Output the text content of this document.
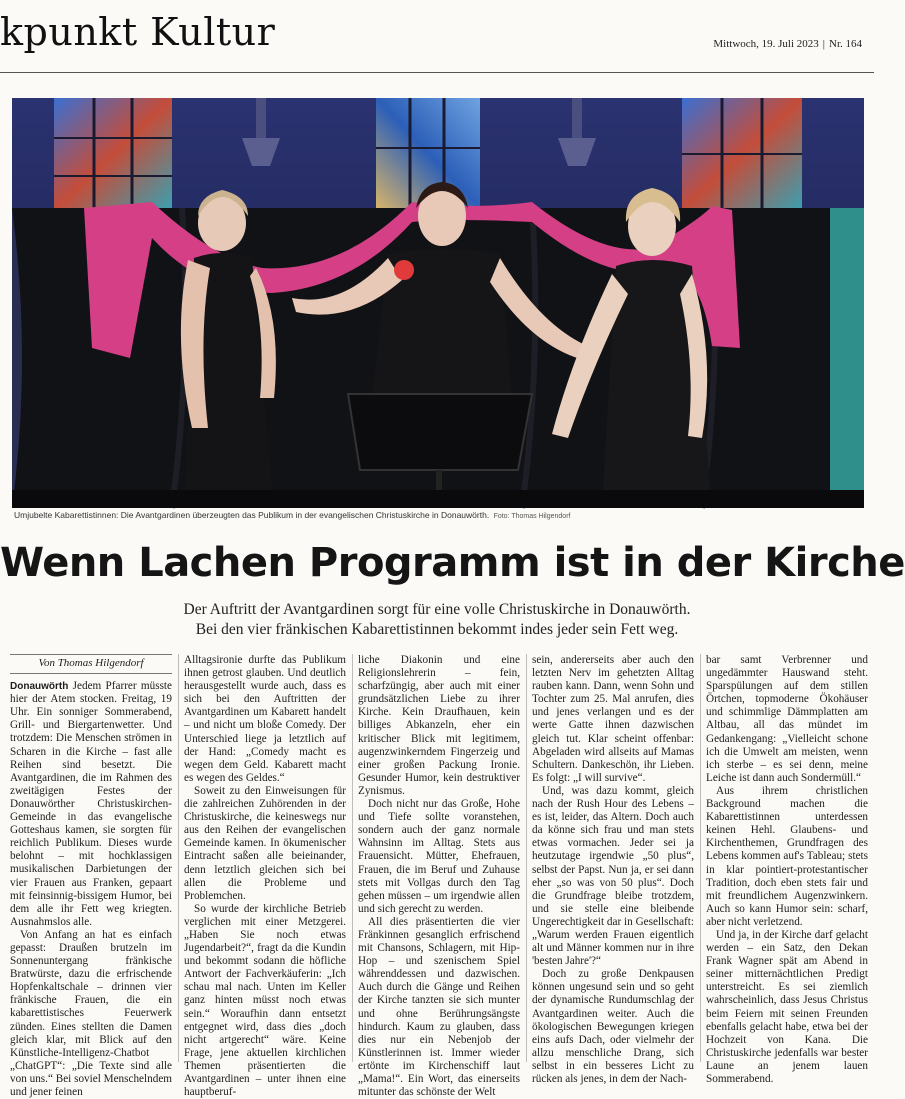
kpunkt Kultur	Mittwoch, 19. Juli 2023 | Nr. 164
Umjubelte Kabarettistinnen: Die Avantgardinen überzeugten das Publikum in der evangelischen Christuskirche in Donauwörth. Foto: Thomas Hilgendorf
Wenn Lachen Programm ist in der Kirche
Der Auftritt der Avantgardinen sorgt für eine volle Christuskirche in Donauwörth.
Bei den vier fränkischen Kabarettistinnen bekommt indes jeder sein Fett weg.
Von Thomas Hilgendorf

Donauwörth Jedem Pfarrer müsste hier der Atem stocken. Freitag, 19 Uhr. Ein sonniger Sommerabend, Grill- und Biergartenwetter. Und trotzdem: Die Menschen strömen in Scharen in die Kirche – fast alle Reihen sind besetzt. Die Avantgardinen, die im Rahmen des zweitägigen Festes der Donauwörther Christuskirchen-Gemeinde in das evangelische Gotteshaus kamen, sie sorgten für reichlich Publikum. Dieses wurde belohnt – mit hochklassigen musikalischen Darbietungen der vier Frauen aus Franken, gepaart mit feinsinnig-bissigem Humor, bei dem alle ihr Fett weg kriegten. Ausnahmslos alle.

Von Anfang an hat es einfach gepasst: Draußen brutzeln im Sonnenuntergang fränkische Bratwürste, dazu die erfrischende Hopfenkaltschale – drinnen vier fränkische Frauen, die ein kabarettistisches Feuerwerk zünden. Eines stellten die Damen gleich klar, mit Blick auf den Künstliche-Intelligenz-Chatbot „ChatGPT“: „Die Texte sind alle von uns.“ Bei soviel Menschelndem und jener feinen

Alltagsironie durfte das Publikum ihnen getrost glauben. Und deutlich herausgestellt wurde auch, dass es sich bei den Auftritten der Avantgardinen um Kabarett handelt – und nicht um bloße Comedy. Der Unterschied liege ja letztlich auf der Hand: „Comedy macht es wegen dem Geld. Kabarett macht es wegen des Geldes.“

Soweit zu den Einweisungen für die zahlreichen Zuhörenden in der Christuskirche, die keineswegs nur aus den Reihen der evangelischen Gemeinde kamen. In ökumenischer Eintracht saßen alle beieinander, denn letztlich gleichen sich bei allen die Probleme und Problemchen.

So wurde der kirchliche Betrieb verglichen mit einer Metzgerei. „Haben Sie noch etwas Jugendarbeit?“, fragt da die Kundin und bekommt sodann die höfliche Antwort der Fachverkäuferin: „Ich schau mal nach. Unten im Keller ganz hinten müsst noch etwas sein.“ Woraufhin dann entsetzt entgegnet wird, dass dies „doch nicht artgerecht“ wäre. Keine Frage, jene aktuellen kirchlichen Themen präsentierten die Avantgardinen – unter ihnen eine hauptberuf-

liche Diakonin und eine Religionslehrerin – fein, scharfzüngig, aber auch mit einer grundsätzlichen Liebe zu ihrer Kirche. Kein Draufhauen, kein billiges Abkanzeln, eher ein kritischer Blick mit legitimem, augenzwinkerndem Fingerzeig und einer großen Packung Ironie. Gesunder Humor, kein destruktiver Zynismus.

Doch nicht nur das Große, Hohe und Tiefe sollte voranstehen, sondern auch der ganz normale Wahnsinn im Alltag. Stets aus Frauensicht. Mütter, Ehefrauen, Frauen, die im Beruf und Zuhause stets mit Vollgas durch den Tag gehen müssen – um irgendwie allen und sich gerecht zu werden.

All dies präsentierten die vier Fränkinnen gesanglich erfrischend mit Chansons, Schlagern, mit Hip-Hop – und szenischem Spiel währenddessen und dazwischen. Auch durch die Gänge und Reihen der Kirche tanzten sie sich munter und ohne Berührungsängste hindurch. Kaum zu glauben, dass dies nur ein Nebenjob der Künstlerinnen ist. Immer wieder ertönte im Kirchenschiff laut „Mama!“. Ein Wort, das einerseits mitunter das schönste der Welt

sein, andererseits aber auch den letzten Nerv im gehetzten Alltag rauben kann. Dann, wenn Sohn und Tochter zum 25. Mal anrufen, dies und jenes verlangen und es der werte Gatte ihnen dazwischen gleich tut. Klar scheint offenbar: Abgeladen wird allseits auf Mamas Schultern. Dankeschön, ihr Lieben. Es folgt: „I will survive“.

Und, was dazu kommt, gleich nach der Rush Hour des Lebens – es ist, leider, das Altern. Doch auch da könne sich frau und man stets etwas vormachen. Jeder sei ja heutzutage irgendwie „50 plus“, selbst der Papst. Nun ja, er sei dann eher „so was von 50 plus“. Doch die Grundfrage bleibe trotzdem, und sie stelle eine bleibende Ungerechtigkeit dar in Gesellschaft: „Warum werden Frauen eigentlich alt und Männer kommen nur in ihre 'besten Jahre'?“

Doch zu große Denkpausen können ungesund sein und so geht der dynamische Rundumschlag der Avantgardinen weiter. Auch die ökologischen Bewegungen kriegen eins aufs Dach, oder vielmehr der allzu menschliche Drang, sich selbst in ein besseres Licht zu rücken als jenes, in dem der Nach-

bar samt Verbrenner und ungedämmter Hauswand steht. Sparspülungen auf dem stillen Örtchen, topmoderne Ökohäuser und schimmlige Dämmplatten am Altbau, all das mündet im Gedankengang: „Vielleicht schone ich die Umwelt am meisten, wenn ich sterbe – es sei denn, meine Leiche ist dann auch Sondermüll.“

Aus ihrem christlichen Background machen die Kabarettistinnen unterdessen keinen Hehl. Glaubens- und Kirchenthemen, Grundfragen des Lebens kommen auf's Tableau; stets in klar pointiert-protestantischer Tradition, doch eben stets fair und mit freundlichem Augenzwinkern. Auch so kann Humor sein: scharf, aber nicht verletzend.

Und ja, in der Kirche darf gelacht werden – ein Satz, den Dekan Frank Wagner spät am Abend in seiner mitternächtlichen Predigt unterstreicht. Es sei ziemlich wahrscheinlich, dass Jesus Christus beim Feiern mit seinen Freunden ebenfalls gelacht habe, etwa bei der Hochzeit von Kana. Die Christuskirche jedenfalls war bester Laune an jenem lauen Sommerabend.
